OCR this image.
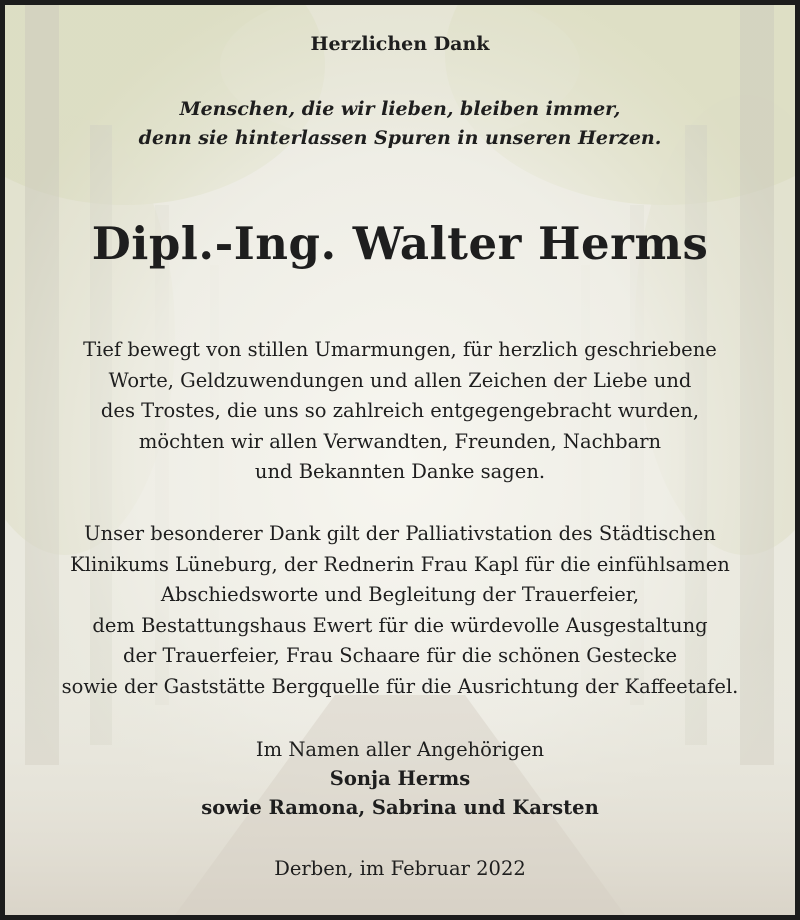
Herzlichen Dank
Menschen, die wir lieben, bleiben immer,
denn sie hinterlassen Spuren in unseren Herzen.
Dipl.-Ing. Walter Herms
Tief bewegt von stillen Umarmungen, für herzlich geschriebene
Worte, Geldzuwendungen und allen Zeichen der Liebe und
des Trostes, die uns so zahlreich entgegengebracht wurden,
möchten wir allen Verwandten, Freunden, Nachbarn
und Bekannten Danke sagen.
Unser besonderer Dank gilt der Palliativstation des Städtischen
Klinikums Lüneburg, der Rednerin Frau Kapl für die einfühlsamen
Abschiedsworte und Begleitung der Trauerfeier,
dem Bestattungshaus Ewert für die würdevolle Ausgestaltung
der Trauerfeier, Frau Schaare für die schönen Gestecke
sowie der Gaststätte Bergquelle für die Ausrichtung der Kaffeetafel.
Im Namen aller Angehörigen
Sonja Herms
sowie Ramona, Sabrina und Karsten
Derben, im Februar 2022
